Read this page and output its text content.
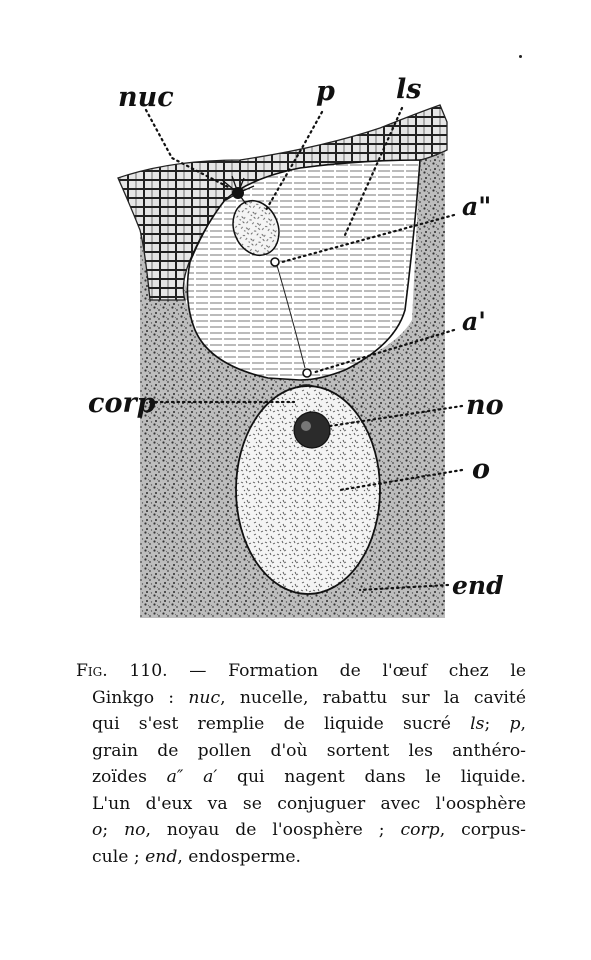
nuc	p ls
a"
a'
corp	no
o
end
Fig. 110. — Formation de l'œuf chez le
Ginkgo : nuc, nucelle, rabattu sur la cavité
qui s'est remplie de liquide sucré ls; p,
grain de pollen d'où sortent les anthéro-
zoïdes a″ a′ qui nagent dans le liquide.
L'un d'eux va se conjuguer avec l'oosphère
o; no, noyau de l'oosphère ; corp, corpus-
cule ; end, endosperme.
